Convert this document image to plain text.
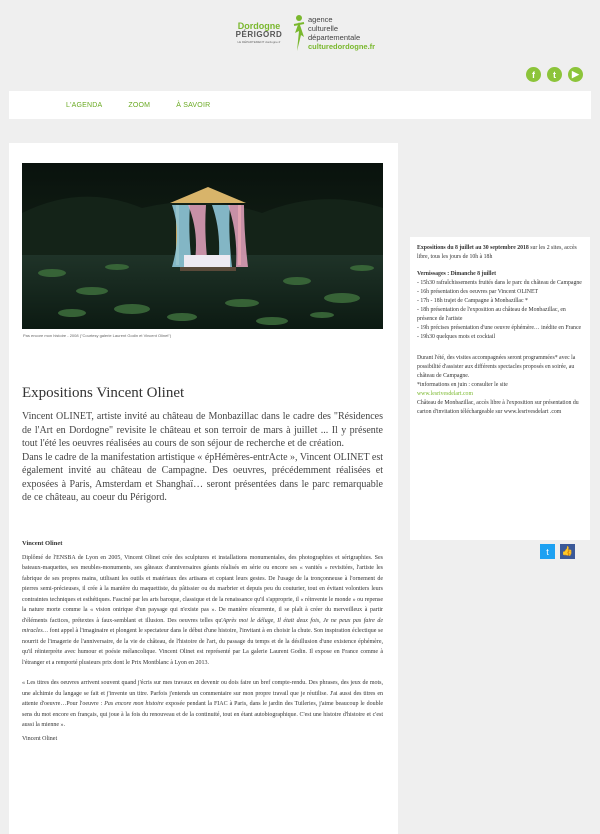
Dordogne
PÉRIGORD
LE DÉPARTEMENT dordogne.fr
agence
culturelle
départementale
culturedordogne.fr
f	t	▶
L'AGENDA	ZOOM	À SAVOIR
Pas encore mon histoire - 2008 ("Courtesy galerie Laurent Godin et Vincent Olinet")
Expositions Vincent Olinet

Vincent OLINET, artiste invité au château de Monbazillac dans le cadre des "Résidences de l'Art en Dordogne" revisite le château et son terroir de mars à juillet ... Il y présente tout l'été les oeuvres réalisées au cours de son séjour de recherche et de création.

Dans le cadre de la manifestation artistique « épHémères-entrActe », Vincent OLINET est également invité au château de Campagne. Des oeuvres, précédemment réalisées et exposées à Paris, Amsterdam et Shanghaï… seront présentées dans le parc remarquable de ce château, au coeur du Périgord.

Vincent Olinet

Diplômé de l'ENSBA de Lyon en 2005, Vincent Olinet crée des sculptures et installations monumentales, des photographies et sérigraphies. Ses bateaux-maquettes, ses meubles-monuments, ses gâteaux d'anniversaires géants réalisés en série ou encore ses « vanités » revisitées, l'artiste les fabrique de ses propres mains, utilisant les outils et matériaux des artisans et copiant leurs gestes. De l'usage de la tronçonneuse à l'ornement de pierres semi-précieuses, il crée à la manière du maquettiste, du pâtissier ou du marbrier et depuis peu du couturier, tout en évitant volontiers leurs contraintes techniques et esthétiques. Fasciné par les arts baroque, classique et de la renaissance qu'il s'approprie, il « réinvente le monde » ou repense la nature morte comme la « vision onirique d'un paysage qui n'existe pas ». De manière récurrente, il se plaît à créer du merveilleux à partir d'éléments factices, prétextes à faux-semblant et illusion. Des oeuvres telles qu'Après moi le déluge, Il était deux fois, Je ne peux pas faire de miracles… font appel à l'imaginaire et plongent le spectateur dans le début d'une histoire, l'invitant à en choisir la chute. Son inspiration éclectique se nourrit de l'imagerie de l'anniversaire, de la vie de château, de l'histoire de l'art, du passage du temps et de la désillusion d'une existence éphémère, qu'il réinterprète avec humour et poésie mélancolique. Vincent Olinet est représenté par La galerie Laurent Godin. Il expose en France comme à l'étranger et a remporté plusieurs prix dont le Prix Montblanc à Lyon en 2013.

« Les titres des oeuvres arrivent souvent quand j'écris sur mes travaux en devenir ou dois faire un bref compte-rendu. Des phrases, des jeux de mots, une alchimie du langage se fait et j'invente un titre. Parfois j'entends un commentaire sur mon propre travail que je réutilise. J'ai aussi des titres en attente d'oeuvre…Pour l'oeuvre : Pas encore mon histoire exposée pendant la FIAC à Paris, dans le jardin des Tuileries, j'aime beaucoup le double sens du mot encore en français, qui joue à la fois du renouveau et de la continuité, tout en étant autobiographique. C'est une histoire d'histoire et c'est aussi la mienne ».

Vincent Olinet

Expositions du 8 juillet au 30 septembre 2018 sur les 2 sites, accès libre, tous les jours de 10h à 18h
Vernissages : Dimanche 8 juillet
- 15h30 rafraîchissements fruités dans le parc du château de Campagne
- 16h présentation des oeuvres par Vincent OLINET
- 17h - 18h trajet de Campagne à Monbazillac *
- 18h présentation de l'exposition au château de Monbazillac, en présence de l'artiste
- 19h précises présentation d'une oeuvre éphémère… inédite en France
- 19h30 quelques mots et cocktail
Durant l'été, des visites accompagnées seront programmées* avec la possibilité d'assister aux différents spectacles proposés en soirée, au château de Campagne.
*informations en juin : consulter le site
www.lesrivesdelart.com
Château de Monbazillac, accès libre à l'exposition sur présentation du carton d'invitation téléchargeable sur www.lesrivesdelart .com
t	👍
